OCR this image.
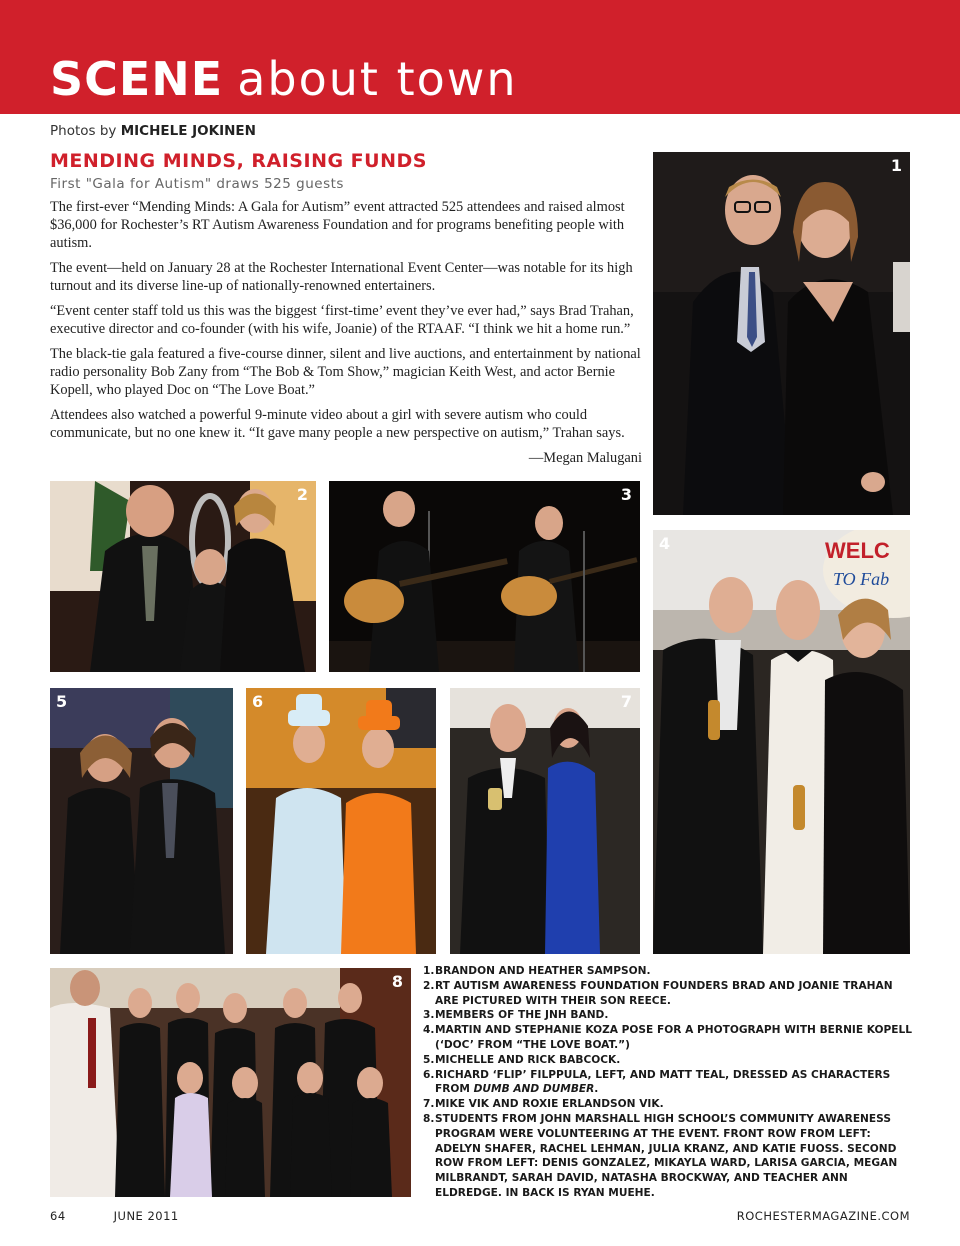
SCENE about town
Photos by MICHELE JOKINEN
MENDING MINDS, RAISING FUNDS
First "Gala for Autism" draws 525 guests

The first-ever “Mending Minds: A Gala for Autism” event attracted 525 attendees and raised almost $36,000 for Rochester’s RT Autism Awareness Foundation and for programs benefiting people with autism.

The event—held on January 28 at the Rochester International Event Center—was notable for its high turnout and its diverse line-up of nationally-renowned entertainers.

“Event center staff told us this was the biggest ‘first-time’ event they’ve ever had,” says Brad Trahan, executive director and co-founder (with his wife, Joanie) of the RTAAF. “I think we hit a home run.”

The black-tie gala featured a five-course dinner, silent and live auctions, and entertainment by national radio personality Bob Zany from “The Bob & Tom Show,” magician Keith West, and actor Bernie Kopell, who played Doc on “The Love Boat.”

Attendees also watched a powerful 9-minute video about a girl with severe autism who could communicate, but no one knew it. “It gave many people a new perspective on autism,” Trahan says.

—Megan Malugani

1
2	3
WELC
TO Fab
4
5	6	7
8
1. BRANDON AND HEATHER SAMPSON.
2. RT AUTISM AWARENESS FOUNDATION FOUNDERS BRAD AND JOANIE TRAHAN ARE PICTURED WITH THEIR SON REECE.
3. MEMBERS OF THE JNH BAND.
4. MARTIN AND STEPHANIE KOZA POSE FOR A PHOTOGRAPH WITH BERNIE KOPELL (‘DOC’ FROM “THE LOVE BOAT.”)
5. MICHELLE AND RICK BABCOCK.
6. RICHARD ‘FLIP’ FILPPULA, LEFT, AND MATT TEAL, DRESSED AS CHARACTERS FROM DUMB AND DUMBER.
7. MIKE VIK AND ROXIE ERLANDSON VIK.
8. STUDENTS FROM JOHN MARSHALL HIGH SCHOOL’S COMMUNITY AWARENESS PROGRAM WERE VOLUNTEERING AT THE EVENT. FRONT ROW FROM LEFT: ADELYN SHAFER, RACHEL LEHMAN, JULIA KRANZ, AND KATIE FUOSS. SECOND ROW FROM LEFT: DENIS GONZALEZ, MIKAYLA WARD, LARISA GARCIA, MEGAN MILBRANDT, SARAH DAVID, NATASHA BROCKWAY, AND TEACHER ANN ELDREDGE. IN BACK IS RYAN MUEHE.
64	JUNE 2011	ROCHESTERMAGAZINE.COM
